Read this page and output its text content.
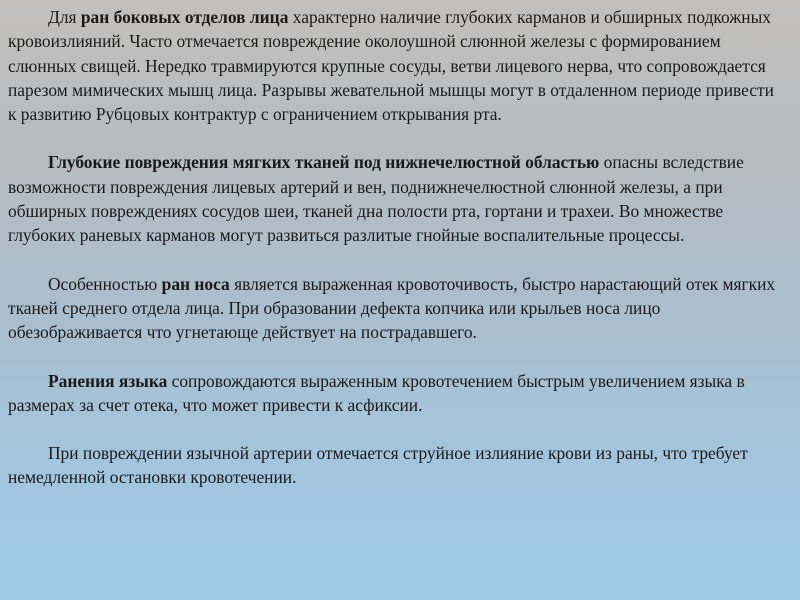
Для ран боковых отделов лица характерно наличие глубоких карманов и обширных подкожных кровоизлияний. Часто отмечается повреждение околоушной слюнной железы с формированием слюнных свищей. Нередко травмируются крупные сосуды, ветви лицевого нерва, что сопровождается парезом мимических мышц лица. Разрывы жевательной мышцы могут в отдаленном периоде привести к развитию Рубцовых контрактур с ограничением открывания рта.

Глубокие повреждения мягких тканей под нижнечелюстной областью опасны вследствие возможности повреждения лицевых артерий и вен, поднижнечелюстной слюнной железы, а при обширных повреждениях сосудов шеи, тканей дна полости рта, гортани и трахеи. Во множестве глубоких раневых карманов могут развиться разлитые гнойные воспалительные процессы.

Особенностью ран носа является выраженная кровоточивость, быстро нарастающий отек мягких тканей среднего отдела лица. При образовании дефекта копчика или крыльев носа лицо обезображивается что угнетающе действует на пострадавшего.

Ранения языка сопровождаются выраженным кровотечением быстрым увеличением языка в размерах за счет отека, что может привести к асфиксии.

При повреждении язычной артерии отмечается струйное излияние крови из раны, что требует немедленной остановки кровотечении.
